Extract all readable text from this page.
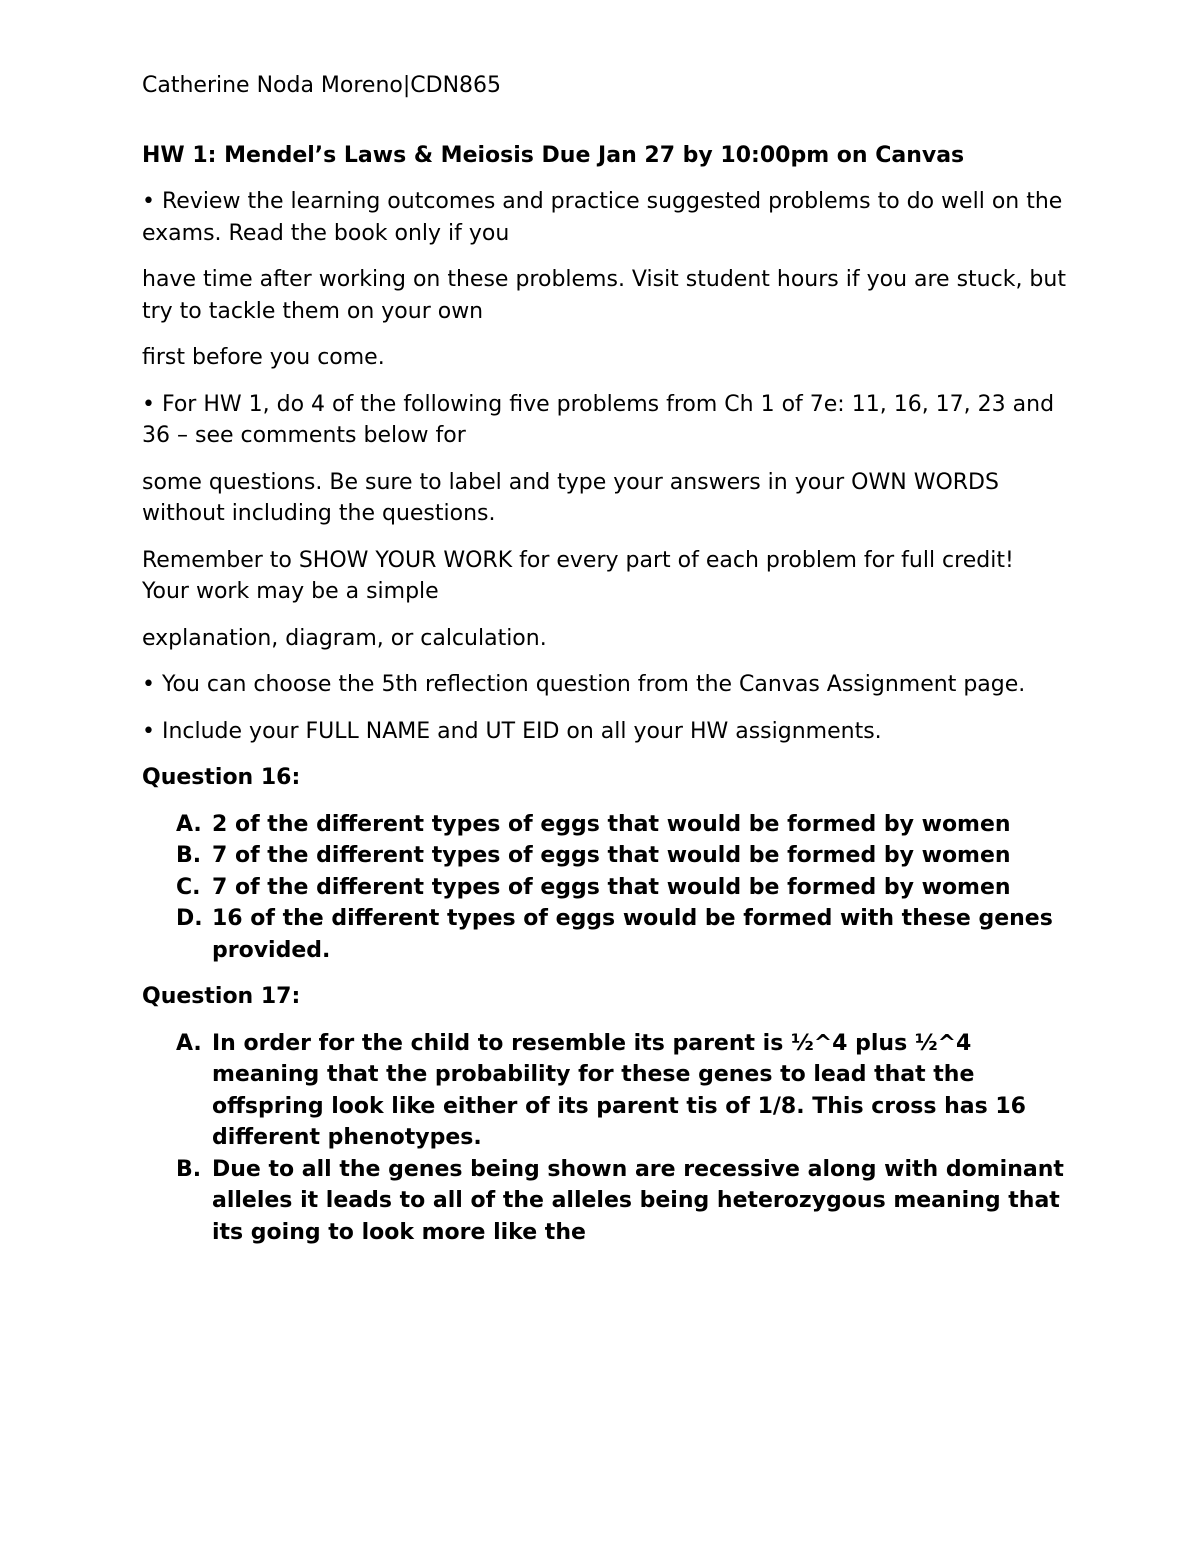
Catherine Noda Moreno|CDN865

HW 1: Mendel’s Laws & Meiosis Due Jan 27 by 10:00pm on Canvas

• Review the learning outcomes and practice suggested problems to do well on the exams. Read the book only if you

have time after working on these problems. Visit student hours if you are stuck, but try to tackle them on your own

first before you come.

• For HW 1, do 4 of the following five problems from Ch 1 of 7e: 11, 16, 17, 23 and 36 – see comments below for

some questions. Be sure to label and type your answers in your OWN WORDS without including the questions.

Remember to SHOW YOUR WORK for every part of each problem for full credit! Your work may be a simple

explanation, diagram, or calculation.

• You can choose the 5th reflection question from the Canvas Assignment page.

• Include your FULL NAME and UT EID on all your HW assignments.

Question 16:

A. 2 of the different types of eggs that would be formed by women
B. 7 of the different types of eggs that would be formed by women
C. 7 of the different types of eggs that would be formed by women
D. 16 of the different types of eggs would be formed with these genes provided.

Question 17:

A. In order for the child to resemble its parent is ½^4 plus ½^4 meaning that the probability for these genes to lead that the offspring look like either of its parent tis of 1/8. This cross has 16 different phenotypes.
B. Due to all the genes being shown are recessive along with dominant alleles it leads to all of the alleles being heterozygous meaning that its going to look more like the
